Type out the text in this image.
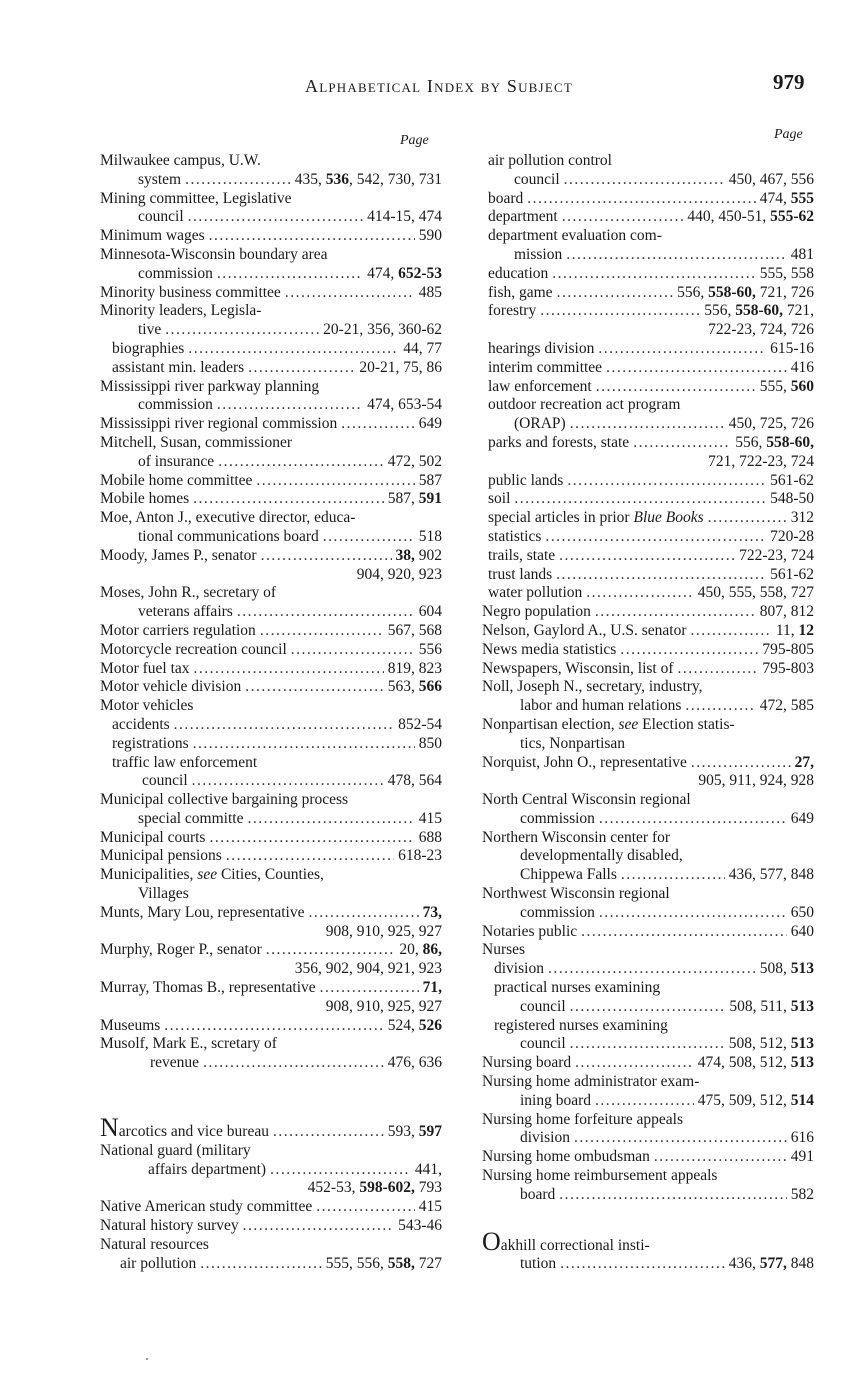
Alphabetical Index by Subject	979
Page	Page
Milwaukee campus, U.W.
system .....	435, 536, 542, 730, 731
Mining committee, Legislative
council .....	414-15, 474
Minimum wages .....	590
Minnesota-Wisconsin boundary area
commission .....	474, 652-53
Minority business committee .....	485
Minority leaders, Legisla-
tive .....	20-21, 356, 360-62
biographies .....	44, 77
assistant min. leaders .....	20-21, 75, 86
Mississippi river parkway planning
commission .....	474, 653-54
Mississippi river regional commission .....	649
Mitchell, Susan, commissioner
of insurance .....	472, 502
Mobile home committee .....	587
Mobile homes .....	587, 591
Moe, Anton J., executive director, educa-
tional communications board .....	518
Moody, James P., senator .....	38, 902
904, 920, 923
Moses, John R., secretary of
veterans affairs .....	604
Motor carriers regulation .....	567, 568
Motorcycle recreation council .....	556
Motor fuel tax .....	819, 823
Motor vehicle division .....	563, 566
Motor vehicles
accidents .....	852-54
registrations .....	850
traffic law enforcement
council .....	478, 564
Municipal collective bargaining process
special committe .....	415
Municipal courts .....	688
Municipal pensions .....	618-23
Municipalities, see Cities, Counties,
Villages
Munts, Mary Lou, representative .....	73,
908, 910, 925, 927
Murphy, Roger P., senator .....	20, 86,
356, 902, 904, 921, 923
Murray, Thomas B., representative .....	71,
908, 910, 925, 927
Museums .....	524, 526
Musolf, Mark E., scretary of
revenue .....	476, 636
Narcotics and vice bureau .....	593, 597
National guard (military
affairs department) .....	441,
452-53, 598-602, 793
Native American study committee .....	415
Natural history survey .....	543-46
Natural resources
air pollution .....	555, 556, 558, 727
air pollution control
council .....	450, 467, 556
board .....	474, 555
department .....	440, 450-51, 555-62
department evaluation com-
mission .....	481
education .....	555, 558
fish, game .....	556, 558-60, 721, 726
forestry .....	556, 558-60, 721,
722-23, 724, 726
hearings division .....	615-16
interim committee .....	416
law enforcement .....	555, 560
outdoor recreation act program
(ORAP) .....	450, 725, 726
parks and forests, state .....	556, 558-60,
721, 722-23, 724
public lands .....	561-62
soil .....	548-50
special articles in prior Blue Books .....	312
statistics .....	720-28
trails, state .....	722-23, 724
trust lands .....	561-62
water pollution .....	450, 555, 558, 727
Negro population .....	807, 812
Nelson, Gaylord A., U.S. senator .....	11, 12
News media statistics .....	795-805
Newspapers, Wisconsin, list of .....	795-803
Noll, Joseph N., secretary, industry,
labor and human relations .....	472, 585
Nonpartisan election, see Election statis-
tics, Nonpartisan
Norquist, John O., representative .....	27,
905, 911, 924, 928
North Central Wisconsin regional
commission .....	649
Northern Wisconsin center for
developmentally disabled,
Chippewa Falls .....	436, 577, 848
Northwest Wisconsin regional
commission .....	650
Notaries public .....	640
Nurses
division .....	508, 513
practical nurses examining
council .....	508, 511, 513
registered nurses examining
council .....	508, 512, 513
Nursing board .....	474, 508, 512, 513
Nursing home administrator exam-
ining board .....	475, 509, 512, 514
Nursing home forfeiture appeals
division .....	616
Nursing home ombudsman .....	491
Nursing home reimbursement appeals
board .....	582
Oakhill correctional insti-
tution .....	436, 577, 848
